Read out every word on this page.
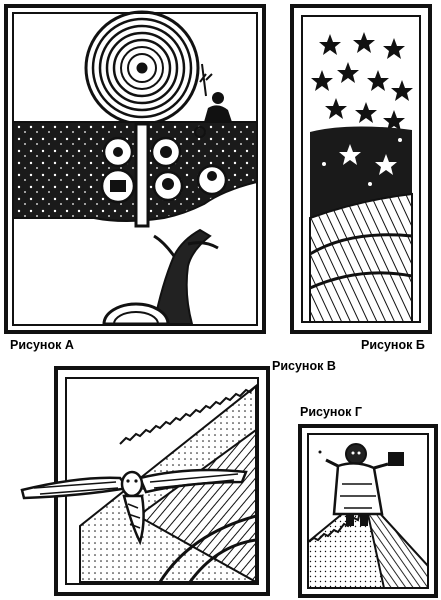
Рисунок А	Рисунок Б
Рисунок В
Рисунок Г
